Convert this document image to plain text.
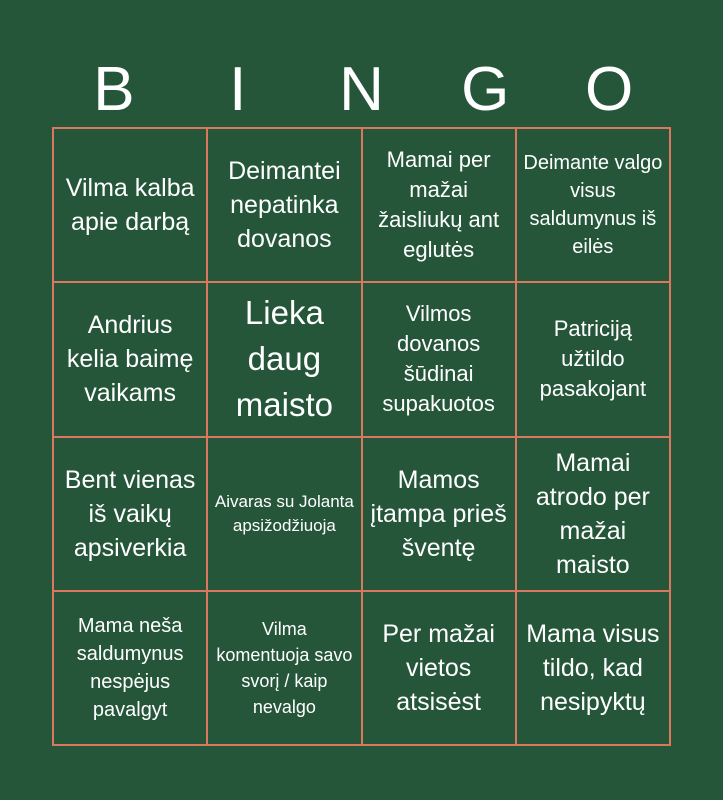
B	I	N	G	O
Vilma kalba apie darbą
Deimantei nepatinka dovanos
Mamai per mažai žaisliukų ant eglutės
Deimante valgo visus saldumynus iš eilės
Andrius kelia baimę vaikams
Lieka daug maisto
Vilmos dovanos šūdinai supakuotos
Patriciją užtildo pasakojant
Bent vienas iš vaikų apsiverkia
Aivaras su Jolanta apsižodžiuoja
Mamos įtampa prieš šventę
Mamai atrodo per mažai maisto
Mama neša saldumynus nespėjus pavalgyt
Vilma komentuoja savo svorį / kaip nevalgo
Per mažai vietos atsisėst
Mama visus tildo, kad nesipyktų
